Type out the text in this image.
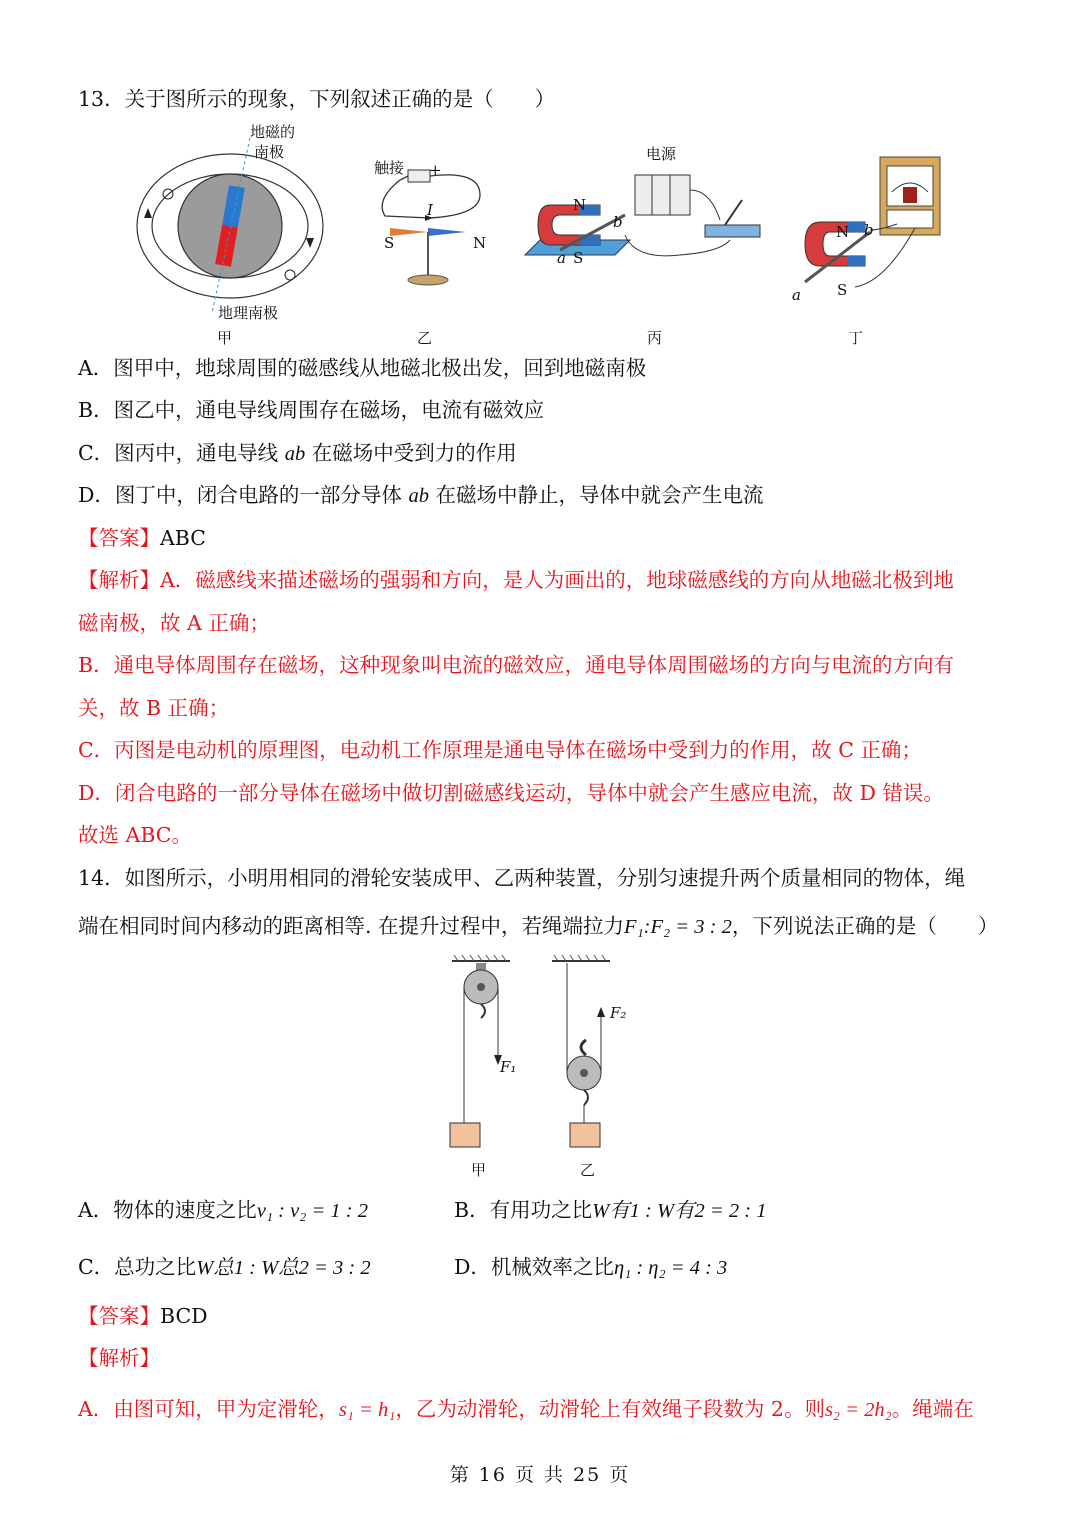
13．关于图所示的现象，下列叙述正确的是（　　）
地磁的
南极
地理南极
触接 +
I
S	N
电源
N
b
a S
N b
a S
甲	乙	丙	丁
A．图甲中，地球周围的磁感线从地磁北极出发，回到地磁南极
B．图乙中，通电导线周围存在磁场，电流有磁效应
C．图丙中，通电导线 ab 在磁场中受到力的作用
D．图丁中，闭合电路的一部分导体 ab 在磁场中静止，导体中就会产生电流
【答案】ABC
【解析】A．磁感线来描述磁场的强弱和方向，是人为画出的，地球磁感线的方向从地磁北极到地
磁南极，故 A 正确；
B．通电导体周围存在磁场，这种现象叫电流的磁效应，通电导体周围磁场的方向与电流的方向有
关，故 B 正确；
C．丙图是电动机的原理图，电动机工作原理是通电导体在磁场中受到力的作用，故 C 正确；
D．闭合电路的一部分导体在磁场中做切割磁感线运动，导体中就会产生感应电流，故 D 错误。
故选 ABC。
14．如图所示，小明用相同的滑轮安装成甲、乙两种装置，分别匀速提升两个质量相同的物体，绳
端在相同时间内移动的距离相等. 在提升过程中，若绳端拉力F₁:F₂ = 3 : 2，下列说法正确的是（　　）
F₁
F₂
甲	乙
A．物体的速度之比v₁ : v₂ = 1 : 2	B．有用功之比W有1 : W有2 = 2 : 1
C．总功之比W总1 : W总2 = 3 : 2	D．机械效率之比η₁ : η₂ = 4 : 3
【答案】BCD
【解析】
A．由图可知，甲为定滑轮，s₁ = h₁，乙为动滑轮，动滑轮上有效绳子段数为 2。则s₂ = 2h₂。绳端在
第 16 页 共 25 页
